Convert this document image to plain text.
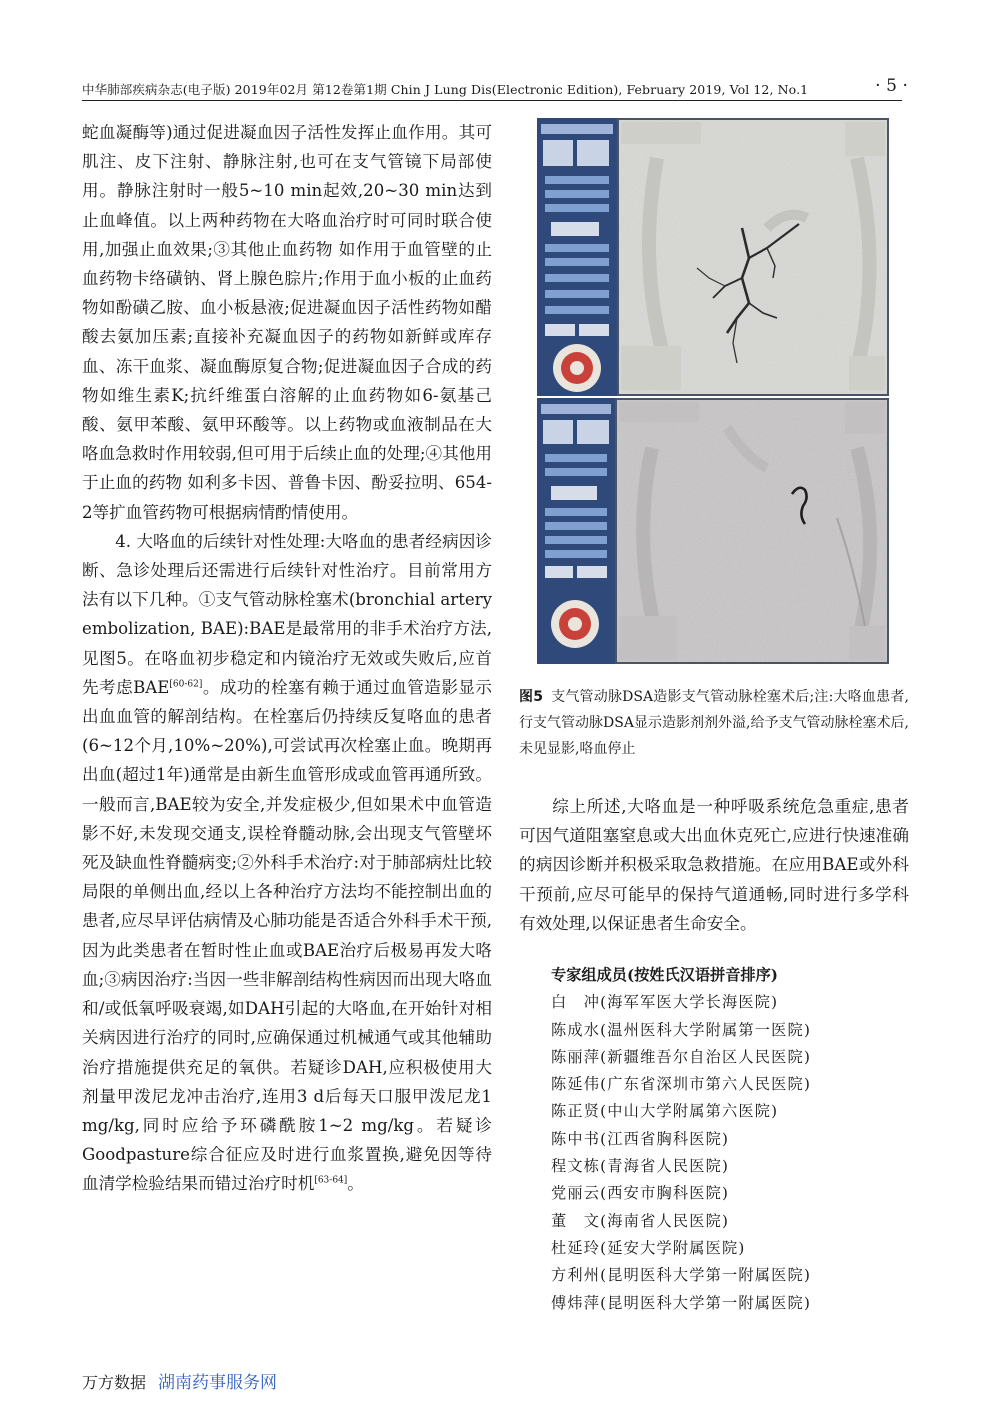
中华肺部疾病杂志(电子版) 2019年02月 第12卷第1期 Chin J Lung Dis(Electronic Edition), February 2019, Vol 12, No.1	· 5 ·

蛇血凝酶等)通过促进凝血因子活性发挥止血作用。其可肌注、皮下注射、静脉注射,也可在支气管镜下局部使用。静脉注射时一般5~10 min起效,20~30 min达到止血峰值。以上两种药物在大咯血治疗时可同时联合使用,加强止血效果;③其他止血药物 如作用于血管壁的止血药物卡络磺钠、肾上腺色腙片;作用于血小板的止血药物如酚磺乙胺、血小板悬液;促进凝血因子活性药物如醋酸去氨加压素;直接补充凝血因子的药物如新鲜或库存血、冻干血浆、凝血酶原复合物;促进凝血因子合成的药物如维生素K;抗纤维蛋白溶解的止血药物如6-氨基己酸、氨甲苯酸、氨甲环酸等。以上药物或血液制品在大咯血急救时作用较弱,但可用于后续止血的处理;④其他用于止血的药物 如利多卡因、普鲁卡因、酚妥拉明、654-2等扩血管药物可根据病情酌情使用。

4. 大咯血的后续针对性处理:大咯血的患者经病因诊断、急诊处理后还需进行后续针对性治疗。目前常用方法有以下几种。①支气管动脉栓塞术(bronchial artery embolization, BAE):BAE是最常用的非手术治疗方法,见图5。在咯血初步稳定和内镜治疗无效或失败后,应首先考虑BAE[60-62]。成功的栓塞有赖于通过血管造影显示出血血管的解剖结构。在栓塞后仍持续反复咯血的患者(6~12个月,10%~20%),可尝试再次栓塞止血。晚期再出血(超过1年)通常是由新生血管形成或血管再通所致。一般而言,BAE较为安全,并发症极少,但如果术中血管造影不好,未发现交通支,误栓脊髓动脉,会出现支气管壁坏死及缺血性脊髓病变;②外科手术治疗:对于肺部病灶比较局限的单侧出血,经以上各种治疗方法均不能控制出血的患者,应尽早评估病情及心肺功能是否适合外科手术干预,因为此类患者在暂时性止血或BAE治疗后极易再发大咯血;③病因治疗:当因一些非解剖结构性病因而出现大咯血和/或低氧呼吸衰竭,如DAH引起的大咯血,在开始针对相关病因进行治疗的同时,应确保通过机械通气或其他辅助治疗措施提供充足的氧供。若疑诊DAH,应积极使用大剂量甲泼尼龙冲击治疗,连用3 d后每天口服甲泼尼龙1 mg/kg,同时应给予环磷酰胺1~2 mg/kg。若疑诊Goodpasture综合征应及时进行血浆置换,避免因等待血清学检验结果而错过治疗时机[63-64]。

图5 支气管动脉DSA造影支气管动脉栓塞术后;注:大咯血患者,行支气管动脉DSA显示造影剂剂外溢,给予支气管动脉栓塞术后,未见显影,咯血停止

综上所述,大咯血是一种呼吸系统危急重症,患者可因气道阻塞窒息或大出血休克死亡,应进行快速准确的病因诊断并积极采取急救措施。在应用BAE或外科干预前,应尽可能早的保持气道通畅,同时进行多学科有效处理,以保证患者生命安全。

专家组成员(按姓氏汉语拼音排序)
白　冲(海军军医大学长海医院)
陈成水(温州医科大学附属第一医院)
陈丽萍(新疆维吾尔自治区人民医院)
陈延伟(广东省深圳市第六人民医院)
陈正贤(中山大学附属第六医院)
陈中书(江西省胸科医院)
程文栋(青海省人民医院)
党丽云(西安市胸科医院)
董　文(海南省人民医院)
杜延玲(延安大学附属医院)
方利州(昆明医科大学第一附属医院)
傅炜萍(昆明医科大学第一附属医院)
万方数据 湖南药事服务网
